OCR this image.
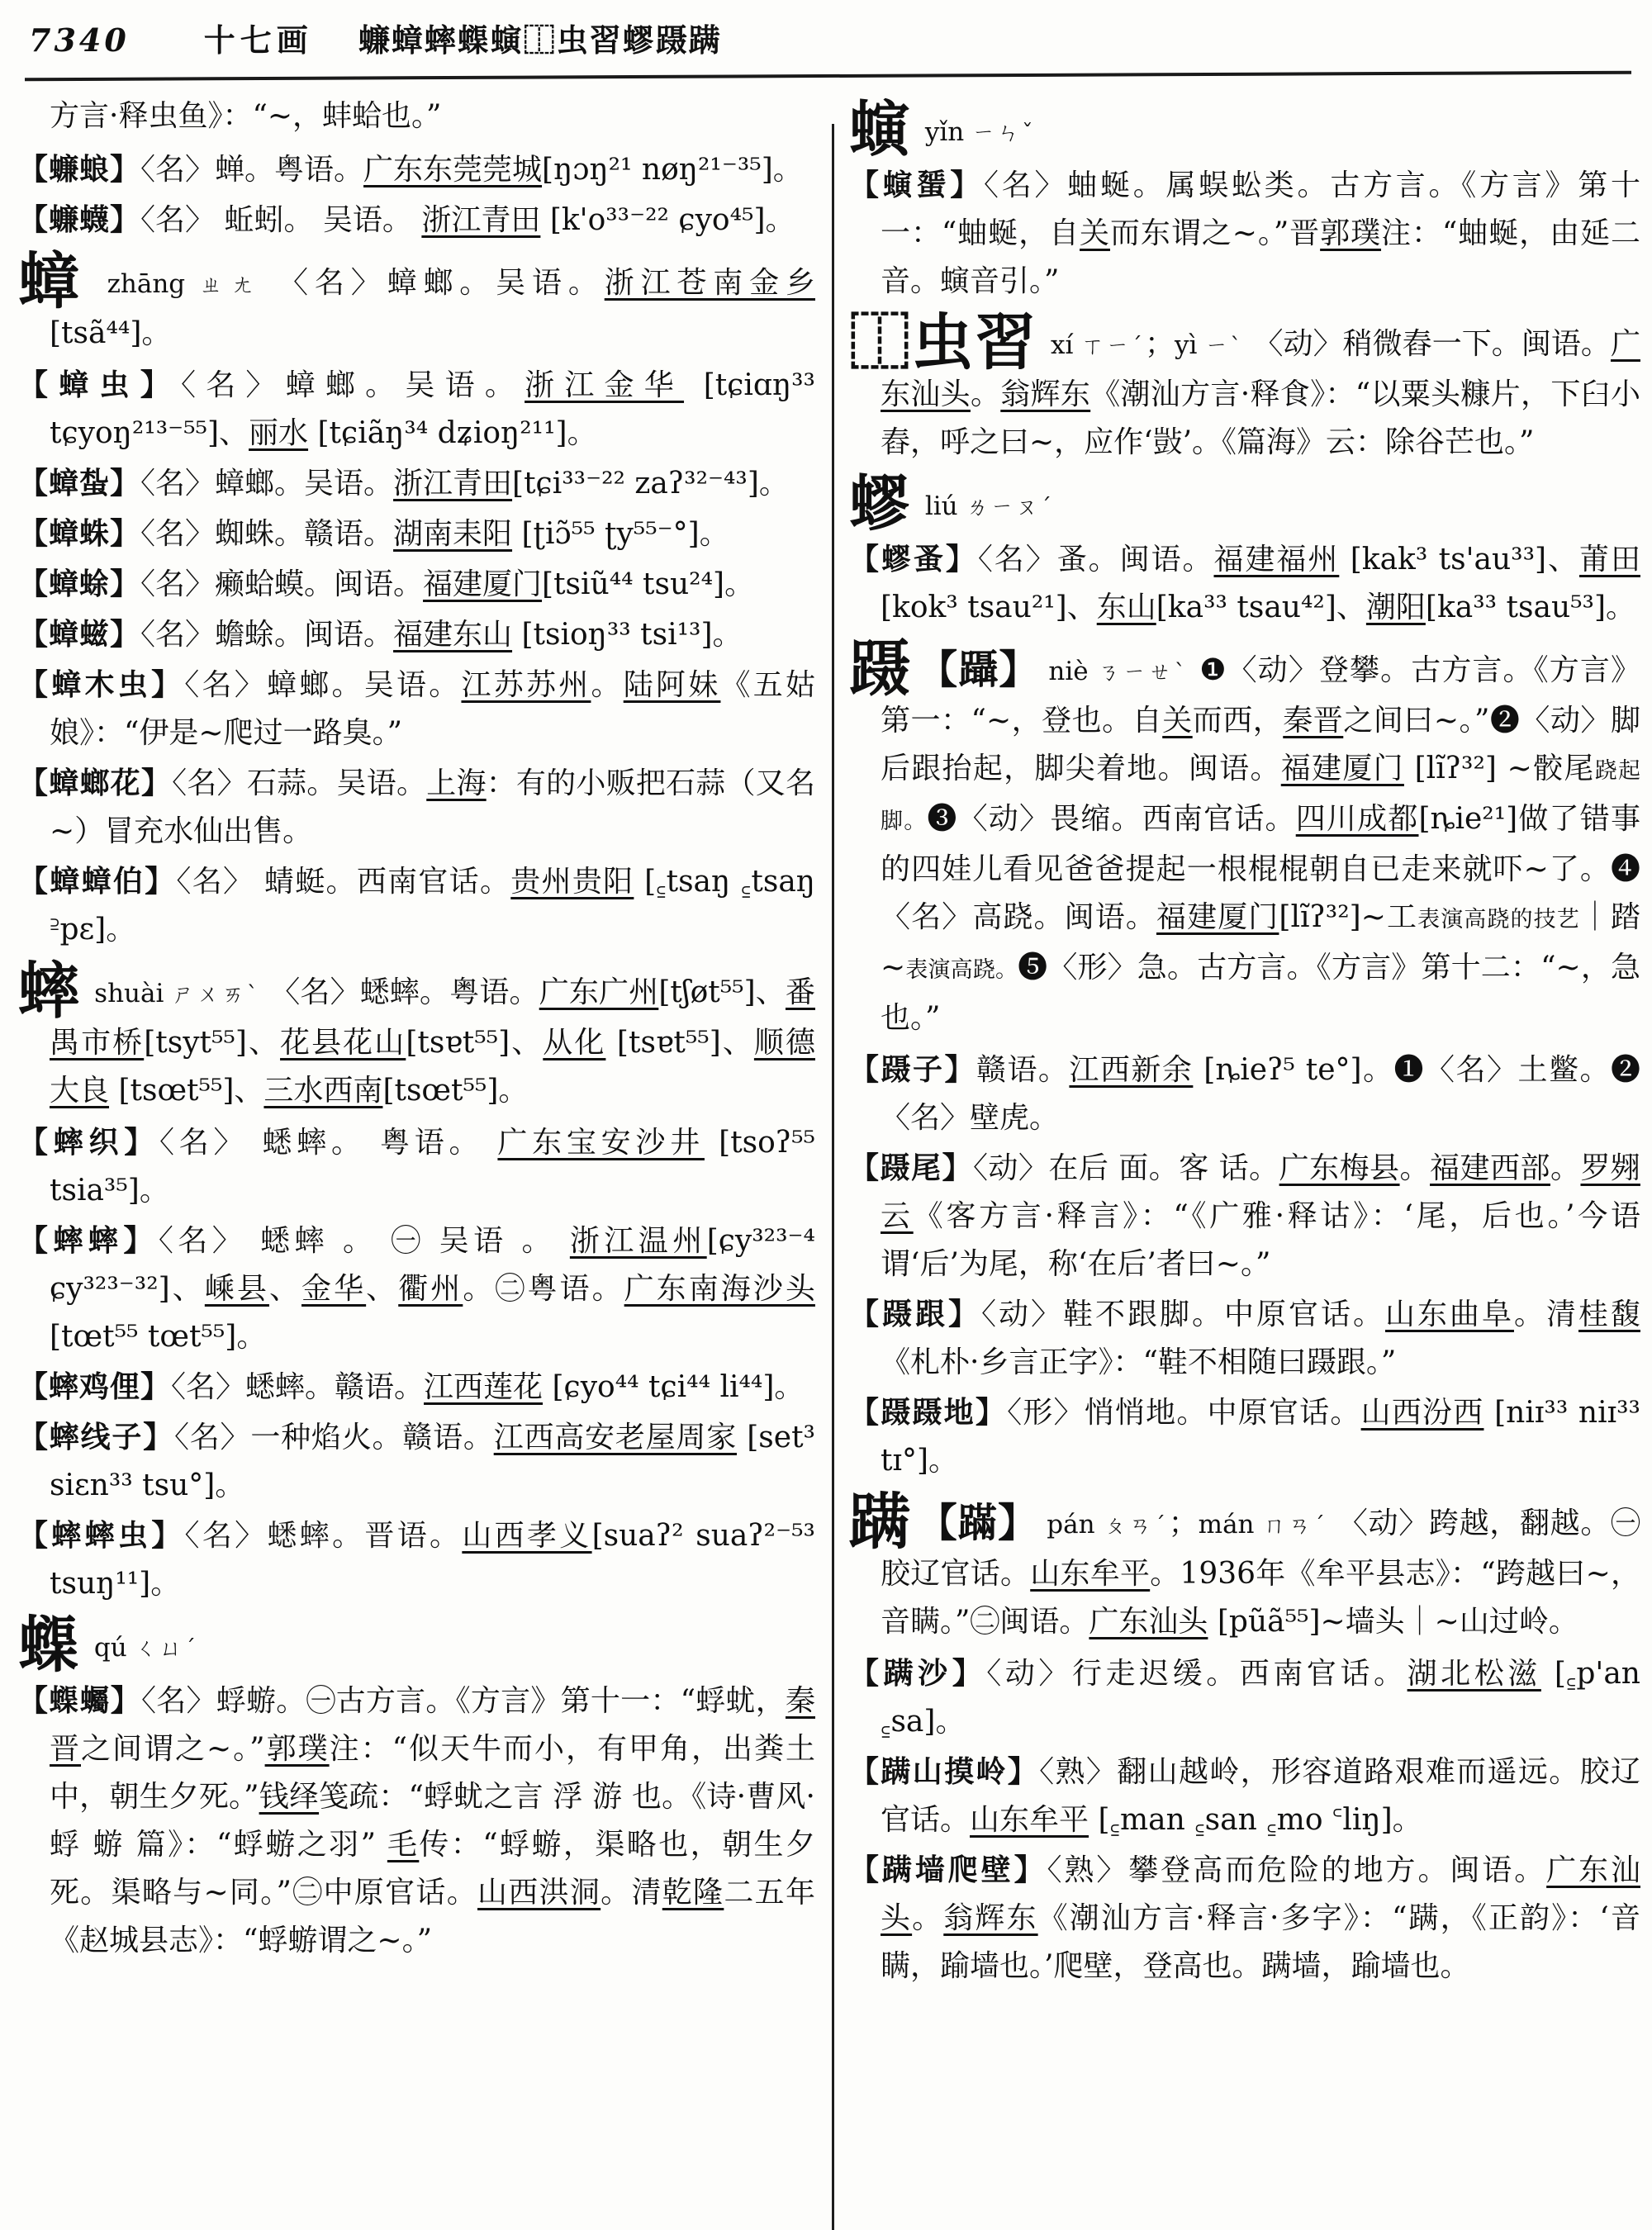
7340 十七画 蠊蟑蟀蟝螾⿰虫習蟉蹑蹒
方言·释虫鱼》：“~，蚌蛤也。”
【蠊蜋】〈名〉蝉。粤语。广东东莞莞城[ŋɔŋ²¹ nøŋ²¹⁻³⁵]。
【蠊蠛】〈名〉 蚯蚓。 吴语。 浙江青田 [k'o³³⁻²² ɕyo⁴⁵]。
蟑 zhāng ㄓㄤ 〈名〉蟑螂。吴语。浙江苍南金乡 [tsã⁴⁴]。
【蟑虫】〈名〉蟑螂。吴语。浙江金华 [tɕiɑŋ³³ tɕyoŋ²¹³⁻⁵⁵]、丽水 [tɕiãŋ³⁴ dʑioŋ²¹¹]。
【蟑蚻】〈名〉蟑螂。吴语。浙江青田[tɕi³³⁻²² zaʔ³²⁻⁴³]。
【蟑蛛】〈名〉蜘蛛。赣语。湖南耒阳 [ʈiɔ̃⁵⁵ ʈy⁵⁵⁻°]。
【蟑蜍】〈名〉癞蛤蟆。闽语。福建厦门[tsiũ⁴⁴ tsu²⁴]。
【蟑螆】〈名〉蟾蜍。闽语。福建东山 [tsioŋ³³ tsi¹³]。
【蟑木虫】〈名〉蟑螂。吴语。江苏苏州。陆阿妹《五姑娘》：“伊是~爬过一路臭。”
【蟑螂花】〈名〉石蒜。吴语。上海：有的小贩把石蒜（又名~）冒充水仙出售。
【蟑蟑伯】〈名〉 蜻蜓。西南官话。贵州贵阳 [꜁tsaŋ ꜁tsaŋ ꜅pɛ]。
蟀 shuài ㄕㄨㄞˋ 〈名〉蟋蟀。粤语。广东广州[tʃøt⁵⁵]、番禺市桥[tsyt⁵⁵]、花县花山[tsɐt⁵⁵]、从化 [tsɐt⁵⁵]、顺德大良 [tsœt⁵⁵]、三水西南[tsœt⁵⁵]。
【蟀织】〈名〉 蟋蟀。 粤语。 广东宝安沙井 [tsoʔ⁵⁵ tsia³⁵]。
【蟀蟀】〈名〉 蟋蟀 。 ㊀ 吴语 。 浙江温州[ɕy³²³⁻⁴ ɕy³²³⁻³²]、嵊县、金华、衢州。㊁粤语。广东南海沙头[tœt⁵⁵ tœt⁵⁵]。
【蟀鸡俚】〈名〉蟋蟀。赣语。江西莲花 [ɕyo⁴⁴ tɕi⁴⁴ li⁴⁴]。
【蟀线子】〈名〉一种焰火。赣语。江西高安老屋周家 [set³ siɛn³³ tsu°]。
【蟀蟀虫】〈名〉蟋蟀。晋语。山西孝义[suaʔ² suaʔ²⁻⁵³ tsuŋ¹¹]。
蟝 qú ㄑㄩˊ
【蟝蠾】〈名〉蜉蝣。㊀古方言。《方言》第十一：“蜉蚘，秦晋之间谓之~。”郭璞注：“似天牛而小，有甲角，出粪土中，朝生夕死。”钱绎笺疏：“蜉蚘之言 浮 游 也。《诗·曹风·蜉 蝣 篇》：“蜉蝣之羽” 毛传：“蜉蝣，渠略也，朝生夕死。渠略与~同。”㊁中原官话。山西洪洞。清乾隆二五年 《赵城县志》：“蜉蝣谓之~。”
螾 yǐn ㄧㄣˇ
【螾蜑】〈名〉蚰蜒。属蜈蚣类。古方言。《方言》第十一：“蚰蜒，自关而东谓之~。”晋郭璞注：“蚰蜒，由延二音。螾音引。”
⿰虫習 xí ㄒㄧˊ；yì ㄧˋ 〈动〉稍微舂一下。闽语。广东汕头。翁辉东《潮汕方言·释食》：“以粟头糠片，下臼小舂，呼之曰~，应作‘敱’。《篇海》云：除谷芒也。”
蟉 liú ㄌㄧㄡˊ
【蟉蚤】〈名〉蚤。闽语。福建福州 [kak³ ts'au³³]、莆田[kok³ tsau²¹]、东山[ka³³ tsau⁴²]、潮阳[ka³³ tsau⁵³]。
蹑 【躡】 niè ㄋㄧㄝˋ ❶〈动〉登攀。古方言。《方言》第一：“~，登也。自关而西，秦晋之间曰~。”❷〈动〉脚后跟抬起，脚尖着地。闽语。福建厦门 [lĩʔ³²] ~骹尾跷起脚。❸〈动〉畏缩。西南官话。四川成都[ȵie²¹]做了错事的四娃儿看见爸爸提起一根棍棍朝自已走来就吓~了。❹〈名〉高跷。闽语。福建厦门[lĩʔ³²]~工表演高跷的技艺｜踏~表演高跷。❺〈形〉急。古方言。《方言》第十二：“~，急也。”
【蹑子】赣语。江西新余 [ȵieʔ⁵ te°]。❶〈名〉土鳖。❷〈名〉壁虎。
【蹑尾】〈动〉在后 面。客 话。广东梅县。福建西部。罗翙云《客方言·释言》：“《广雅·释诂》：‘尾，后也。’今语谓‘后’为尾，称‘在后’者曰~。”
【蹑跟】〈动〉鞋不跟脚。中原官话。山东曲阜。清桂馥《札朴·乡言正字》：“鞋不相随曰蹑跟。”
【蹑蹑地】〈形〉悄悄地。中原官话。山西汾西 [niɪ³³ niɪ³³ tɪ°]。
蹒 【蹣】 pán ㄆㄢˊ；mán ㄇㄢˊ 〈动〉跨越，翻越。㊀胶辽官话。山东牟平。1936年《牟平县志》：“跨越曰~，音瞒。”㊁闽语。广东汕头 [pũã⁵⁵]~墙头｜~山过岭。
【蹒沙】〈动〉行走迟缓。西南官话。湖北松滋 [꜁p'an ꜁sa]。
【蹒山摸岭】〈熟〉翻山越岭，形容道路艰难而遥远。胶辽官话。山东牟平 [꜁man ꜁san ꜁mo ꜂liŋ]。
【蹒墙爬壁】〈熟〉攀登高而危险的地方。闽语。广东汕头。翁辉东《潮汕方言·释言·多字》：“蹒，《正韵》：‘音瞒，踰墙也。’爬壁，登高也。蹒墙，踰墙也。
